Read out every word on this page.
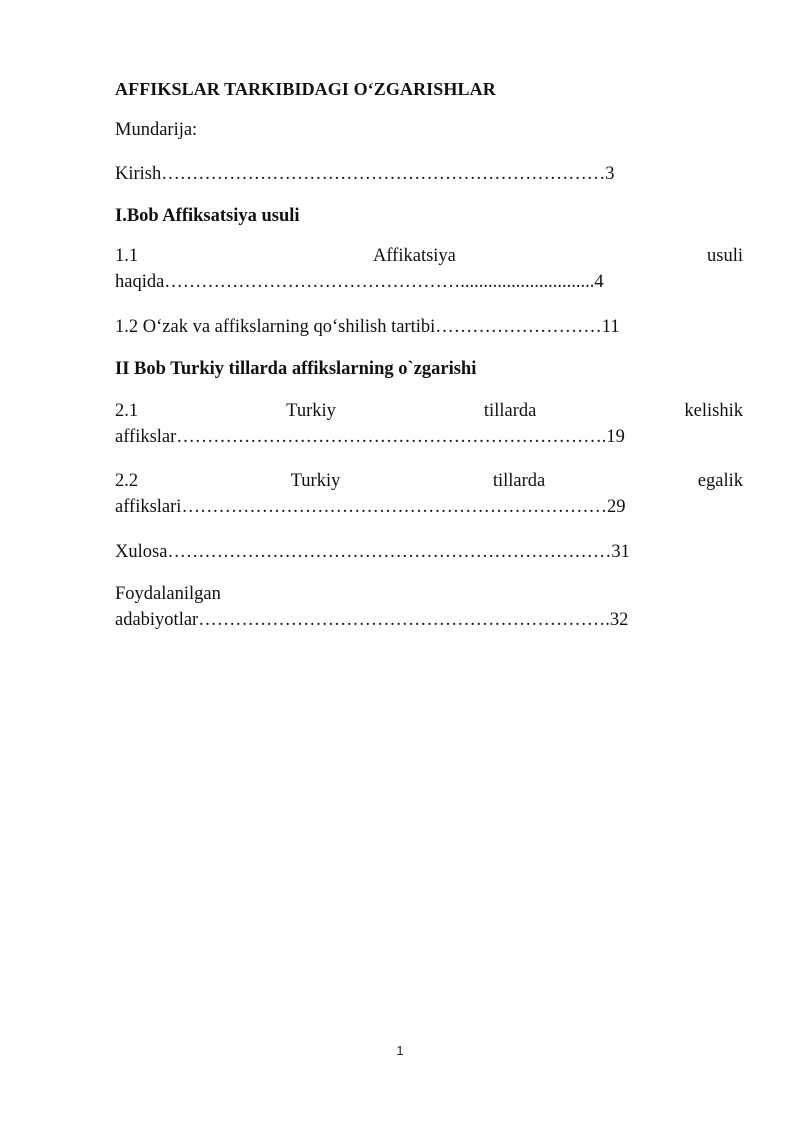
AFFIKSLAR TARKIBIDAGI O‘ZGARISHLAR
Mundarija:
Kirish………………………………………………………………3
I.Bob Affiksatsiya usuli
1.1	Affikatsiya	usuli
haqida………………………………………….............................4
1.2 O‘zak va affikslarning qo‘shilish tartibi………………………11
II Bob Turkiy tillarda affikslarning o`zgarishi
2.1	Turkiy	tillarda	kelishik
affikslar…………………………………………………………….19
2.2	Turkiy	tillarda	egalik
affikslari……………………………………………………………29
Xulosa………………………………………………………………31
Foydalanilgan
adabiyotlar………………………………………………………….32
1
